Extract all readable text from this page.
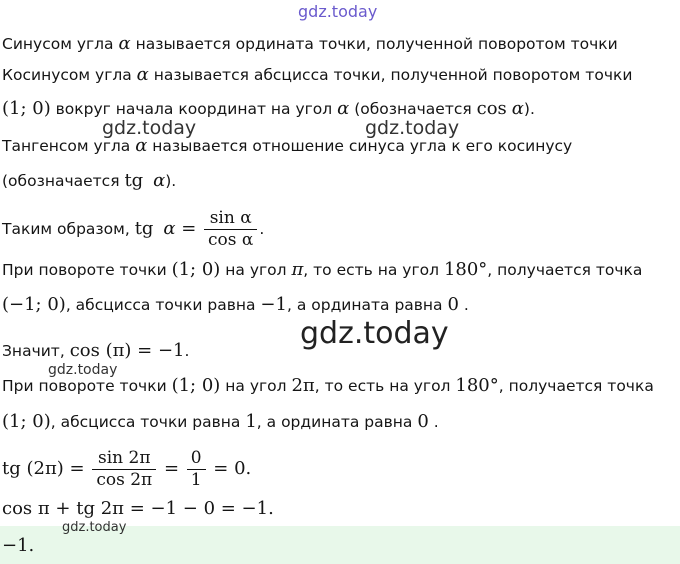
gdz.today
Синусом угла α называется ордината точки, полученной поворотом точки
Косинусом угла α называется абсцисса точки, полученной поворотом точки
(1; 0) вокруг начала координат на угол α (обозначается cos α).
gdz.today	gdz.today
Тангенсом угла α называется отношение синуса угла к его косинусу
(обозначается tg α).
Таким образом, tg $\alpha = \frac{\text{sin α}}{\text{cos α}}$ .
При повороте точки (1; 0) на угол π, то есть на угол 180°, получается точка
(−1; 0), абсцисса точки равна −1, а ордината равна 0 .
gdz.today
Значит, cos (π) = −1.
gdz.today
При повороте точки (1; 0) на угол 2π, то есть на угол 180°, получается точка
(1; 0), абсцисса точки равна 1, а ордината равна 0 .
tg $(2\pi) = \frac{\sin 2\pi}{\cos 2\pi} = \frac{0}{1} = 0$.
cos π + tg 2π = −1 − 0 = −1.
gdz.today
−1.
